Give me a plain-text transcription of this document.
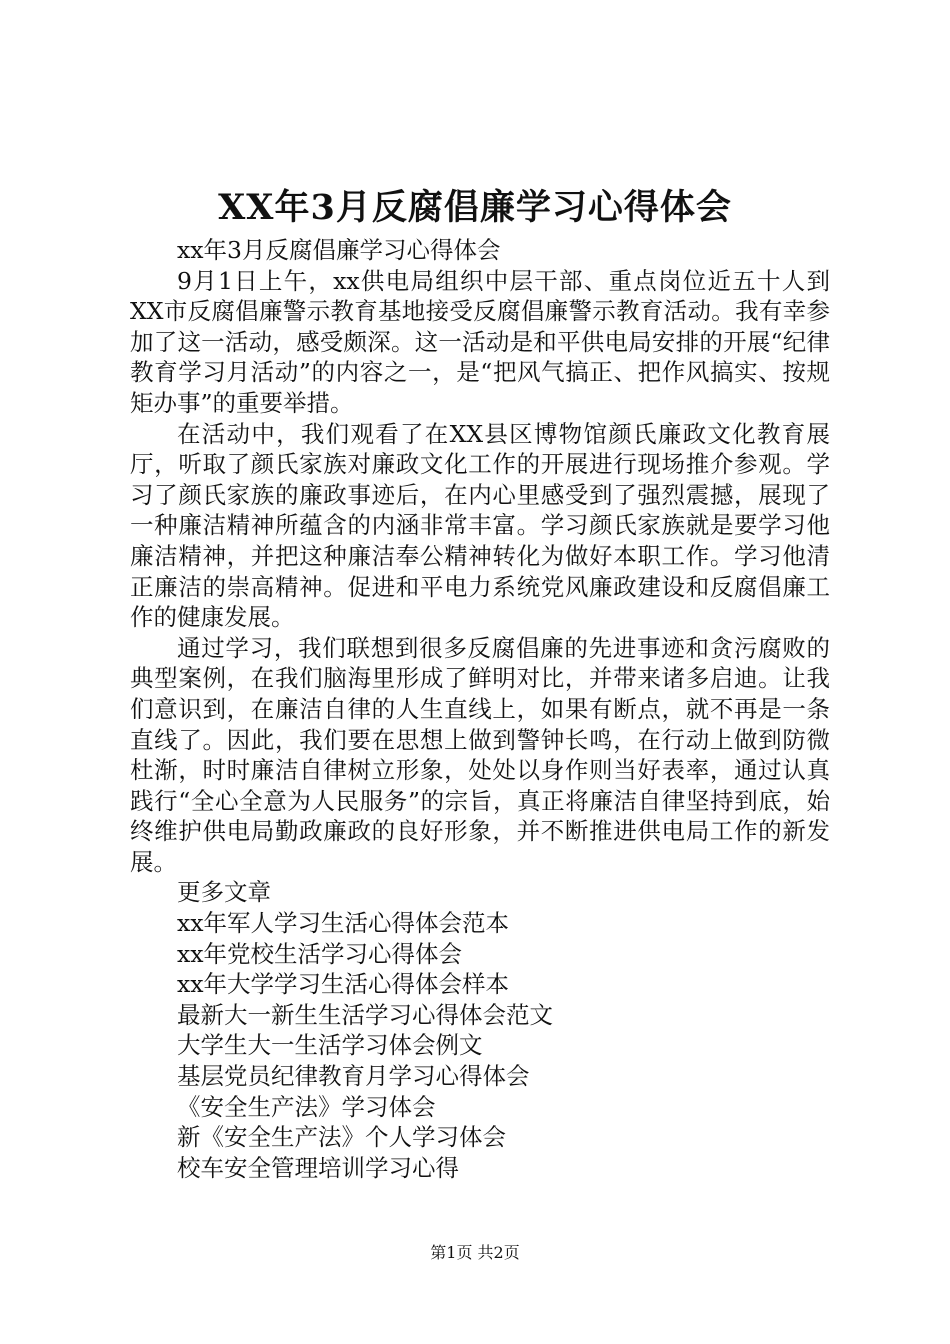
XX年3月反腐倡廉学习心得体会

xx年3月反腐倡廉学习心得体会

9月1日上午，xx供电局组织中层干部、重点岗位近五十人到XX市反腐倡廉警示教育基地接受反腐倡廉警示教育活动。我有幸参加了这一活动，感受颇深。这一活动是和平供电局安排的开展“纪律教育学习月活动”的内容之一，是“把风气搞正、把作风搞实、按规矩办事”的重要举措。

在活动中，我们观看了在XX县区博物馆颜氏廉政文化教育展厅，听取了颜氏家族对廉政文化工作的开展进行现场推介参观。学习了颜氏家族的廉政事迹后，在内心里感受到了强烈震撼，展现了一种廉洁精神所蕴含的内涵非常丰富。学习颜氏家族就是要学习他廉洁精神，并把这种廉洁奉公精神转化为做好本职工作。学习他清正廉洁的崇高精神。促进和平电力系统党风廉政建设和反腐倡廉工作的健康发展。

通过学习，我们联想到很多反腐倡廉的先进事迹和贪污腐败的典型案例，在我们脑海里形成了鲜明对比，并带来诸多启迪。让我们意识到，在廉洁自律的人生直线上，如果有断点，就不再是一条直线了。因此，我们要在思想上做到警钟长鸣，在行动上做到防微杜渐，时时廉洁自律树立形象，处处以身作则当好表率，通过认真践行“全心全意为人民服务”的宗旨，真正将廉洁自律坚持到底，始终维护供电局勤政廉政的良好形象，并不断推进供电局工作的新发展。

更多文章

xx年军人学习生活心得体会范本
xx年党校生活学习心得体会
xx年大学学习生活心得体会样本
最新大一新生生活学习心得体会范文
大学生大一生活学习体会例文
基层党员纪律教育月学习心得体会
《安全生产法》学习体会
新《安全生产法》个人学习体会
校车安全管理培训学习心得
第1页 共2页
